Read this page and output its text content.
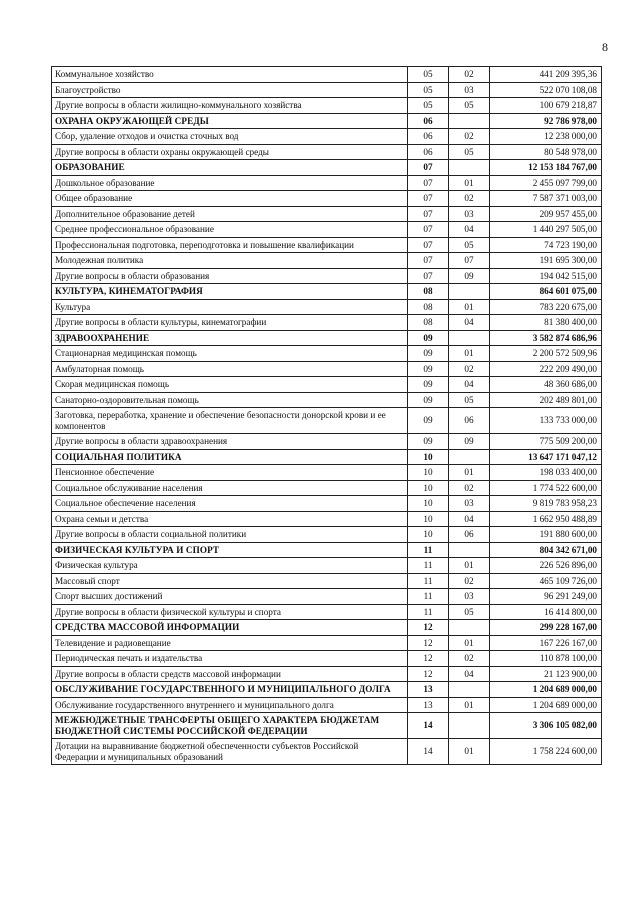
8
Коммунальное хозяйство	05	02	441 209 395,36
Благоустройство	05	03	522 070 108,08
Другие вопросы в области жилищно-коммунального хозяйства	05	05	100 679 218,87
ОХРАНА ОКРУЖАЮЩЕЙ СРЕДЫ	06		92 786 978,00
Сбор, удаление отходов и очистка сточных вод	06	02	12 238 000,00
Другие вопросы в области охраны окружающей среды	06	05	80 548 978,00
ОБРАЗОВАНИЕ	07		12 153 184 767,00
Дошкольное образование	07	01	2 455 097 799,00
Общее образование	07	02	7 587 371 003,00
Дополнительное образование детей	07	03	209 957 455,00
Среднее профессиональное образование	07	04	1 440 297 505,00
Профессиональная подготовка, переподготовка и повышение квалификации	07	05	74 723 190,00
Молодежная политика	07	07	191 695 300,00
Другие вопросы в области образования	07	09	194 042 515,00
КУЛЬТУРА, КИНЕМАТОГРАФИЯ	08		864 601 075,00
Культура	08	01	783 220 675,00
Другие вопросы в области культуры, кинематографии	08	04	81 380 400,00
ЗДРАВООХРАНЕНИЕ	09		3 582 874 686,96
Стационарная медицинская помощь	09	01	2 200 572 509,96
Амбулаторная помощь	09	02	222 209 490,00
Скорая медицинская помощь	09	04	48 360 686,00
Санаторно-оздоровительная помощь	09	05	202 489 801,00
Заготовка, переработка, хранение и обеспечение безопасности донорской крови и ее компонентов	09	06	133 733 000,00
Другие вопросы в области здравоохранения	09	09	775 509 200,00
СОЦИАЛЬНАЯ ПОЛИТИКА	10		13 647 171 047,12
Пенсионное обеспечение	10	01	198 033 400,00
Социальное обслуживание населения	10	02	1 774 522 600,00
Социальное обеспечение населения	10	03	9 819 783 958,23
Охрана семьи и детства	10	04	1 662 950 488,89
Другие вопросы в области социальной политики	10	06	191 880 600,00
ФИЗИЧЕСКАЯ КУЛЬТУРА И СПОРТ	11		804 342 671,00
Физическая культура	11	01	226 526 896,00
Массовый спорт	11	02	465 109 726,00
Спорт высших достижений	11	03	96 291 249,00
Другие вопросы в области физической культуры и спорта	11	05	16 414 800,00
СРЕДСТВА МАССОВОЙ ИНФОРМАЦИИ	12		299 228 167,00
Телевидение и радиовещание	12	01	167 226 167,00
Периодическая печать и издательства	12	02	110 878 100,00
Другие вопросы в области средств массовой информации	12	04	21 123 900,00
ОБСЛУЖИВАНИЕ ГОСУДАРСТВЕННОГО И МУНИЦИПАЛЬНОГО ДОЛГА	13		1 204 689 000,00
Обслуживание государственного внутреннего и муниципального долга	13	01	1 204 689 000,00
МЕЖБЮДЖЕТНЫЕ ТРАНСФЕРТЫ ОБЩЕГО ХАРАКТЕРА БЮДЖЕТАМ БЮДЖЕТНОЙ СИСТЕМЫ РОССИЙСКОЙ ФЕДЕРАЦИИ	14		3 306 105 082,00
Дотации на выравнивание бюджетной обеспеченности субъектов Российской Федерации и муниципальных образований	14	01	1 758 224 600,00
